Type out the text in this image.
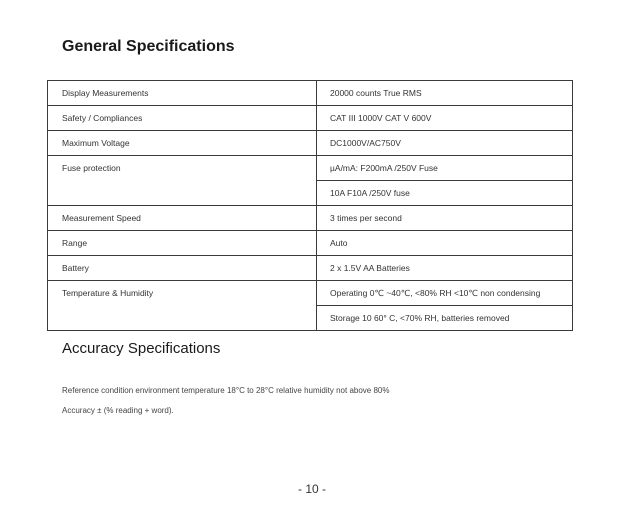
General Specifications
Display Measurements	20000 counts True RMS
Safety / Compliances	CAT III 1000V CAT V 600V
Maximum Voltage	DC1000V/AC750V
Fuse protection	µA/mA: F200mA /250V Fuse
	10A F10A /250V fuse
Measurement Speed	3 times per second
Range	Auto
Battery	2 x 1.5V AA Batteries
Temperature & Humidity	Operating 0℃ ~40℃, <80% RH <10℃ non condensing
	Storage 10 60° C, <70% RH, batteries removed
Accuracy Specifications
Reference condition environment temperature 18°C to 28°C relative humidity not above 80%
Accuracy ± (% reading + word).
- 10 -
